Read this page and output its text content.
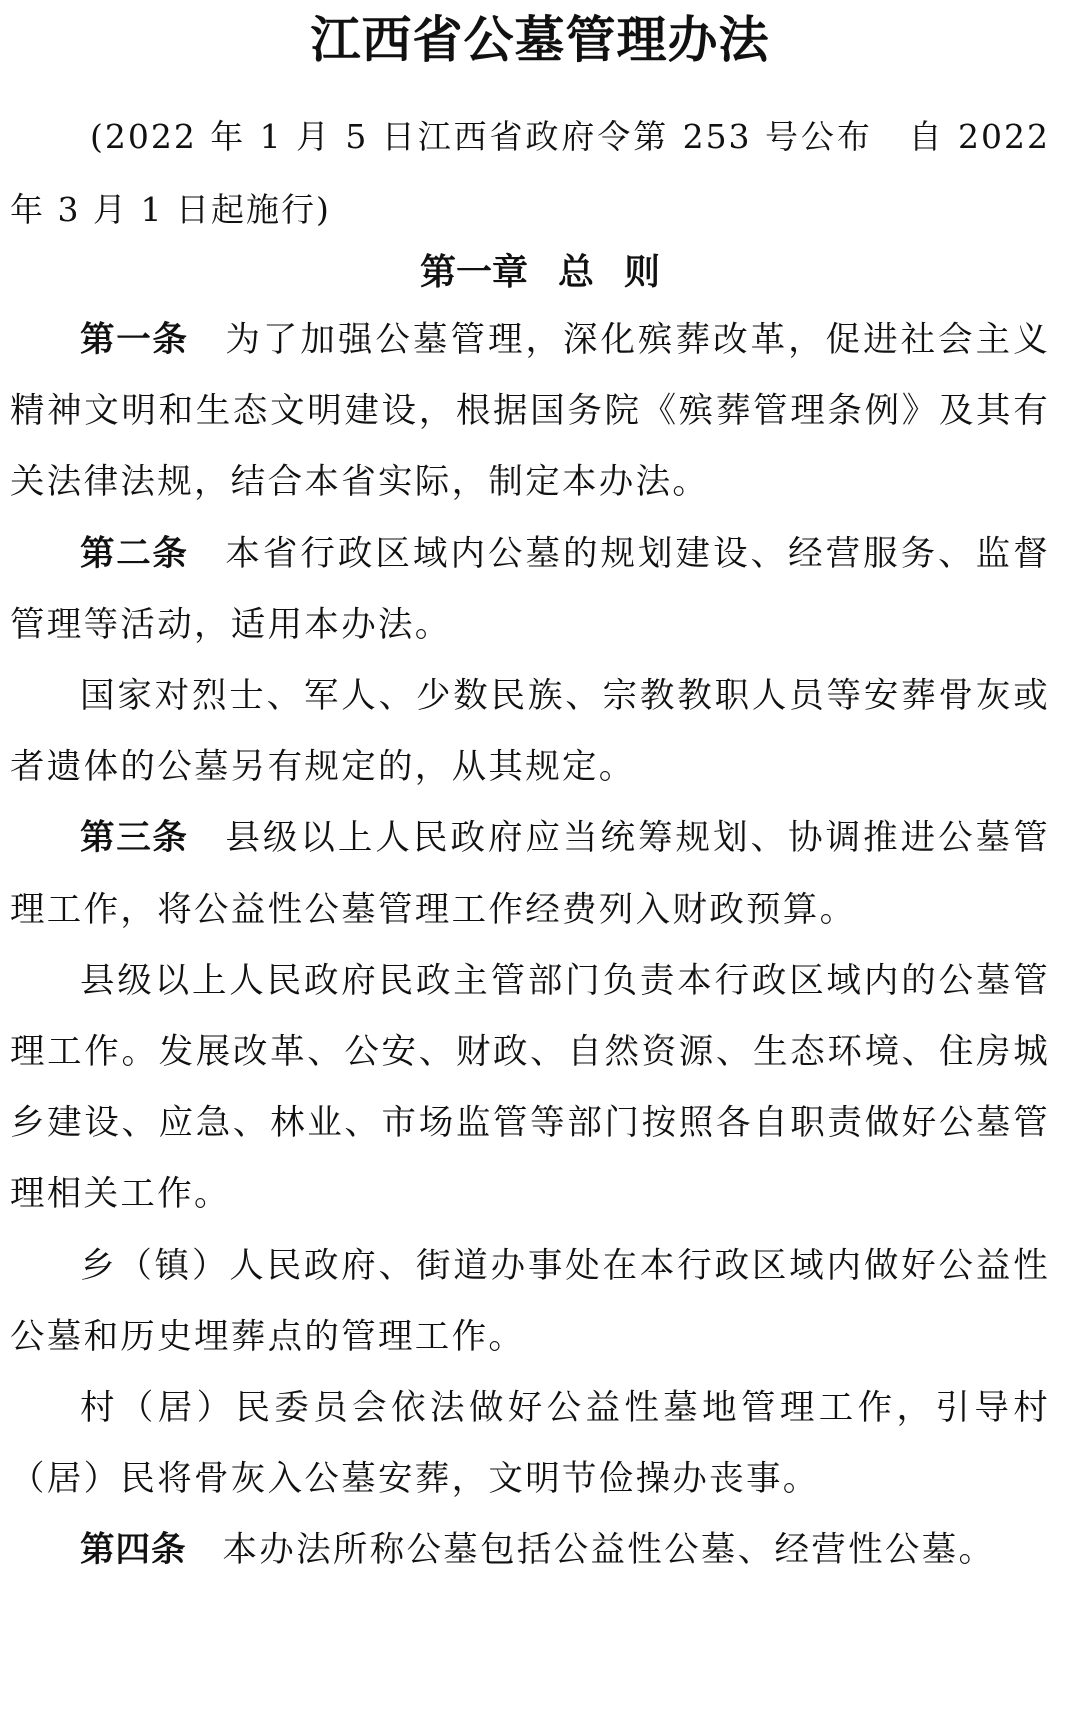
江西省公墓管理办法

(2022 年 1 月 5 日江西省政府令第 253 号公布　自 2022 年 3 月 1 日起施行)

第一章 总 则

第一条 为了加强公墓管理，深化殡葬改革，促进社会主义精神文明和生态文明建设，根据国务院《殡葬管理条例》及其有关法律法规，结合本省实际，制定本办法。

第二条 本省行政区域内公墓的规划建设、经营服务、监督管理等活动，适用本办法。

国家对烈士、军人、少数民族、宗教教职人员等安葬骨灰或者遗体的公墓另有规定的，从其规定。

第三条 县级以上人民政府应当统筹规划、协调推进公墓管理工作，将公益性公墓管理工作经费列入财政预算。

县级以上人民政府民政主管部门负责本行政区域内的公墓管理工作。发展改革、公安、财政、自然资源、生态环境、住房城乡建设、应急、林业、市场监管等部门按照各自职责做好公墓管理相关工作。

乡（镇）人民政府、街道办事处在本行政区域内做好公益性公墓和历史埋葬点的管理工作。

村（居）民委员会依法做好公益性墓地管理工作，引导村（居）民将骨灰入公墓安葬，文明节俭操办丧事。

第四条 本办法所称公墓包括公益性公墓、经营性公墓。
